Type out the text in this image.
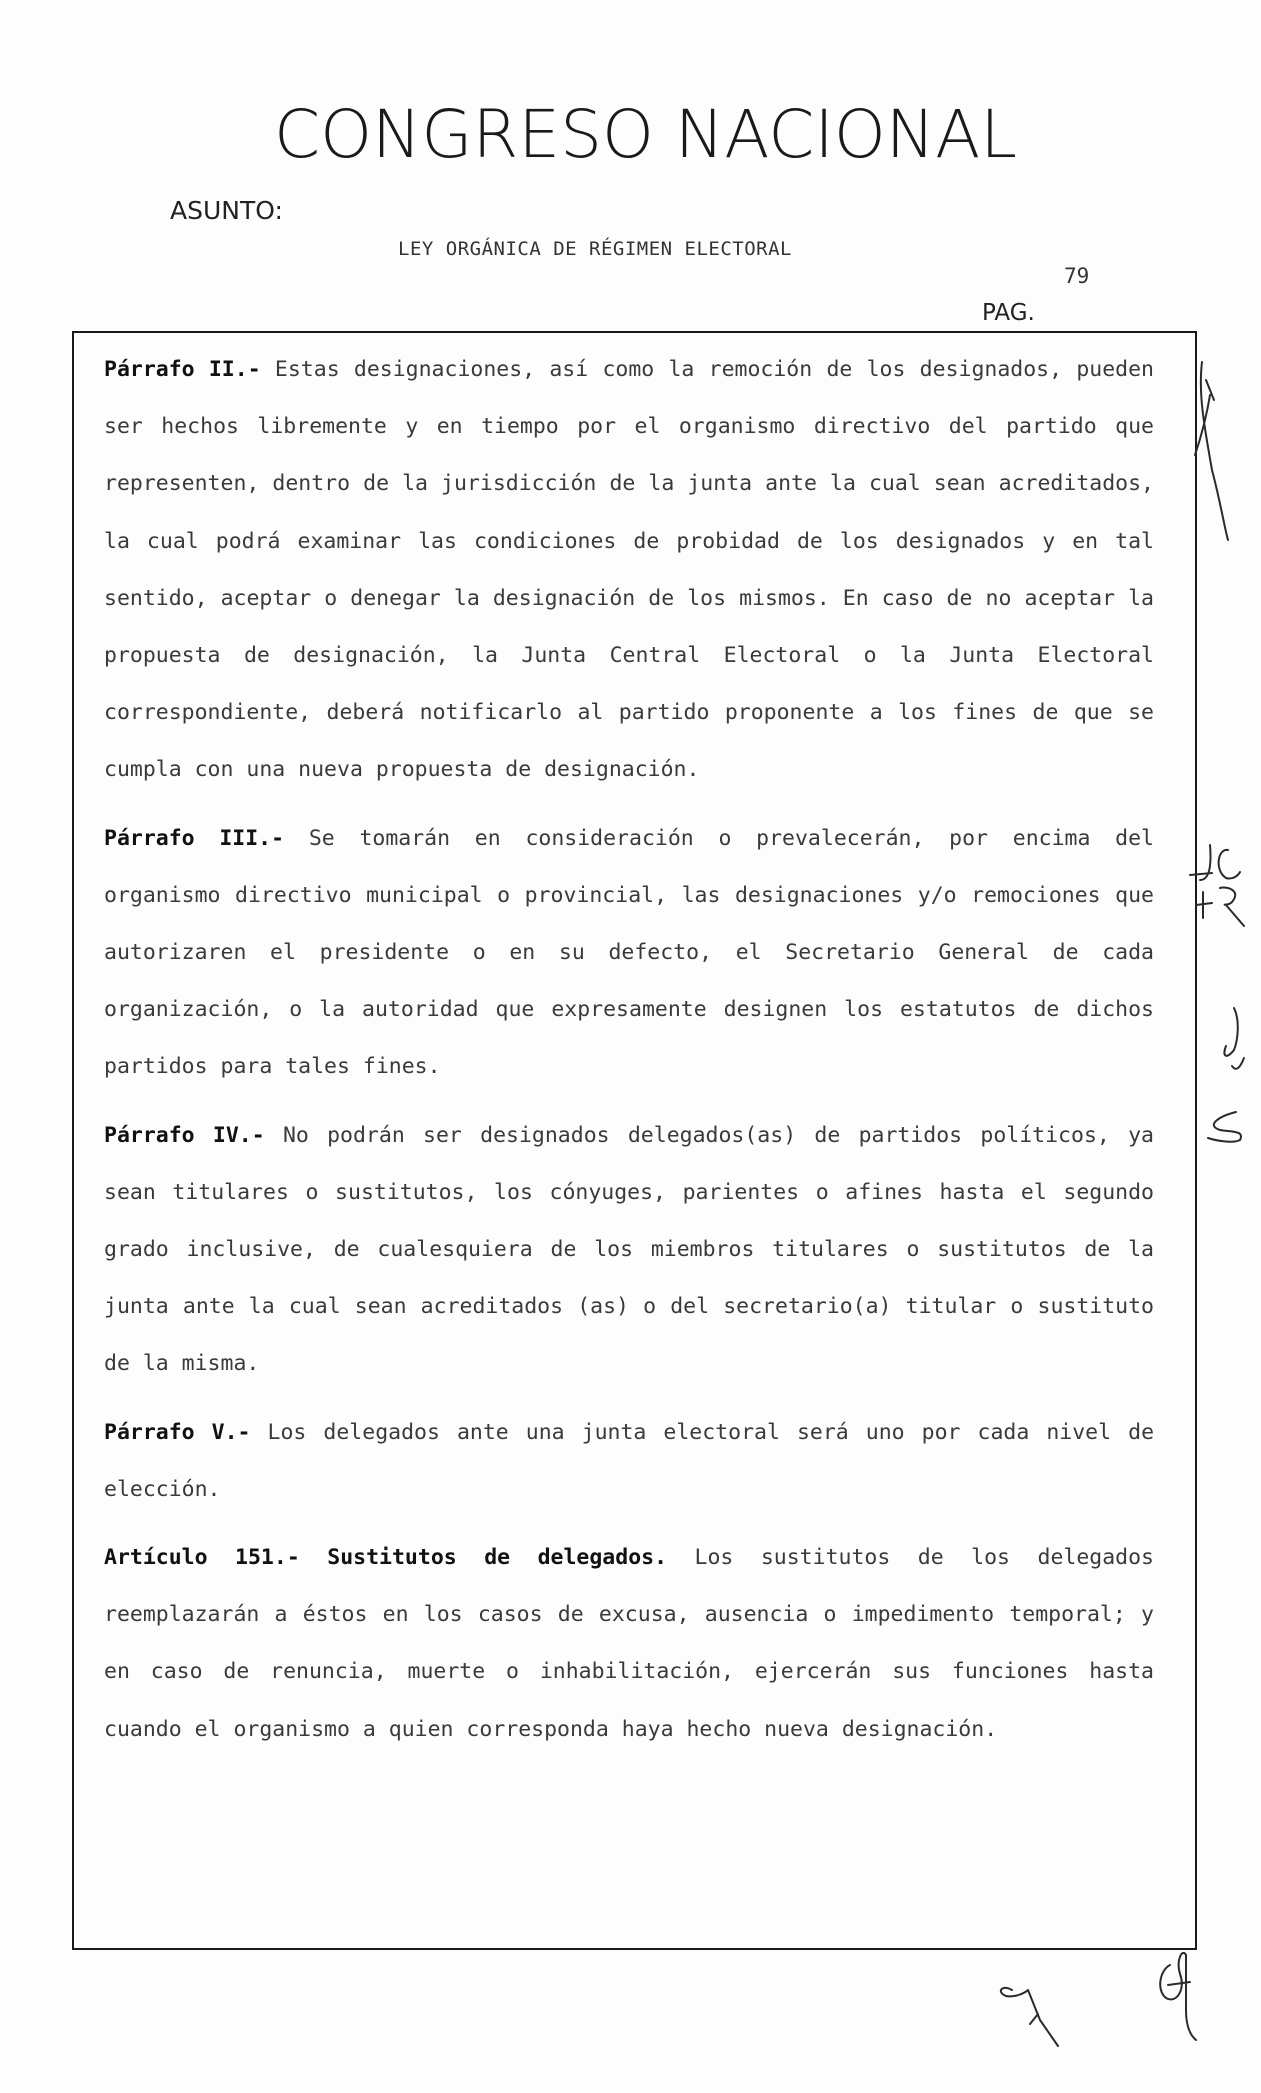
CONGRESO NACIONAL
ASUNTO:
LEY ORGÁNICA DE RÉGIMEN ELECTORAL
79
PAG.

Párrafo II.- Estas designaciones, así como la remoción de los designados, pueden ser hechos libremente y en tiempo por el organismo directivo del partido que representen, dentro de la jurisdicción de la junta ante la cual sean acreditados, la cual podrá examinar las condiciones de probidad de los designados y en tal sentido, aceptar o denegar la designación de los mismos. En caso de no aceptar la propuesta de designación, la Junta Central Electoral o la Junta Electoral correspondiente, deberá notificarlo al partido proponente a los fines de que se cumpla con una nueva propuesta de designación.

Párrafo III.- Se tomarán en consideración o prevalecerán, por encima del organismo directivo municipal o provincial, las designaciones y/o remociones que autorizaren el presidente o en su defecto, el Secretario General de cada organización, o la autoridad que expresamente designen los estatutos de dichos partidos para tales fines.

Párrafo IV.- No podrán ser designados delegados(as) de partidos políticos, ya sean titulares o sustitutos, los cónyuges, parientes o afines hasta el segundo grado inclusive, de cualesquiera de los miembros titulares o sustitutos de la junta ante la cual sean acreditados (as) o del secretario(a) titular o sustituto de la misma.

Párrafo V.- Los delegados ante una junta electoral será uno por cada nivel de elección.

Artículo 151.- Sustitutos de delegados. Los sustitutos de los delegados reemplazarán a éstos en los casos de excusa, ausencia o impedimento temporal; y en caso de renuncia, muerte o inhabilitación, ejercerán sus funciones hasta cuando el organismo a quien corresponda haya hecho nueva designación.
